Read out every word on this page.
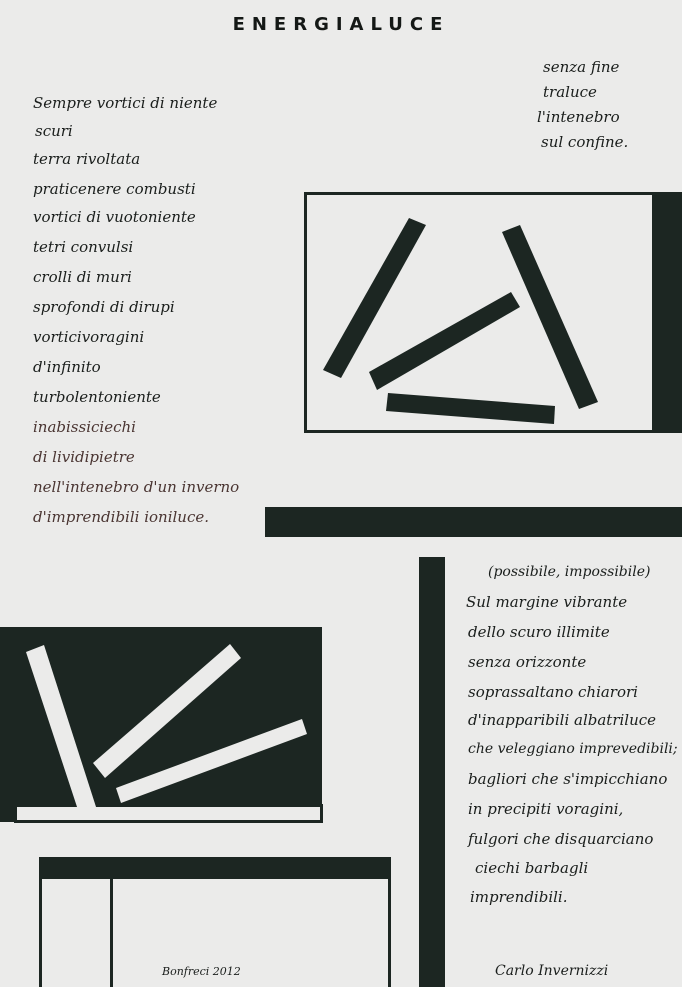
ENERGIALUCE
senza fine
traluce
l'intenebro
sul confine.
Sempre vortici di niente
scuri
terra rivoltata
praticenere combusti
vortici di vuotoniente
tetri convulsi
crolli di muri
sprofondi di dirupi
vorticivoragini
d'infinito
turbolentoniente
inabissiciechi
di lividipietre
nell'intenebro d'un inverno
d'imprendibili ioniluce.
(possibile, impossibile)
Sul margine vibrante
dello scuro illimite
senza orizzonte
soprassaltano chiarori
d'inapparibili albatriluce
che veleggiano imprevedibili;
bagliori che s'impicchiano
in precipiti voragini,
fulgori che disquarciano
ciechi barbagli
imprendibili.
Bonfreci 2012	Carlo Invernizzi
